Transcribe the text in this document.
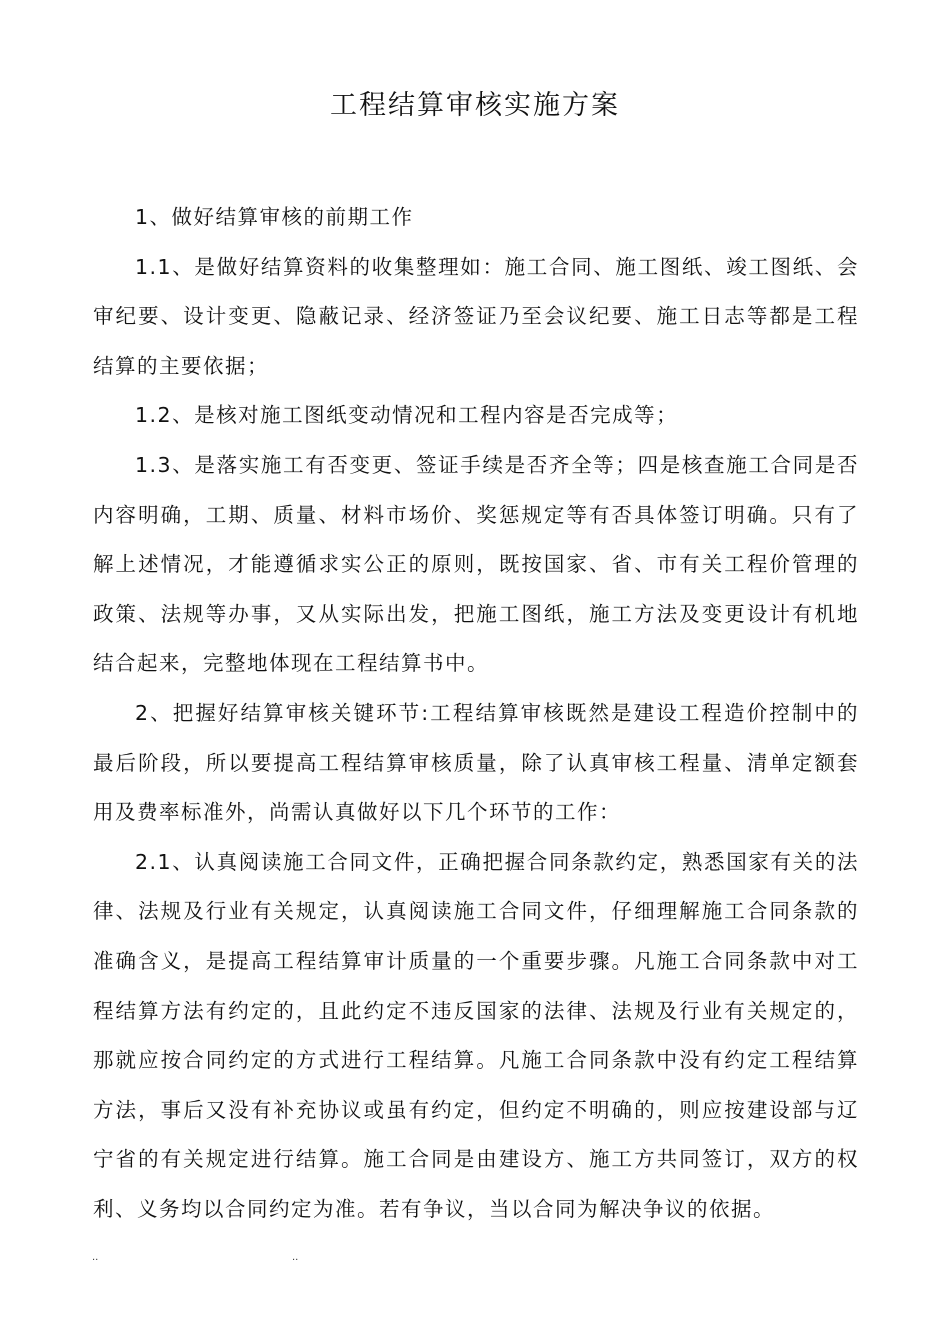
工程结算审核实施方案

1、做好结算审核的前期工作

1.1、是做好结算资料的收集整理如：施工合同、施工图纸、竣工图纸、会审纪要、设计变更、隐蔽记录、经济签证乃至会议纪要、施工日志等都是工程结算的主要依据；

1.2、是核对施工图纸变动情况和工程内容是否完成等；

1.3、是落实施工有否变更、签证手续是否齐全等；四是核查施工合同是否内容明确，工期、质量、材料市场价、奖惩规定等有否具体签订明确。只有了解上述情况，才能遵循求实公正的原则，既按国家、省、市有关工程价管理的政策、法规等办事，又从实际出发，把施工图纸，施工方法及变更设计有机地结合起来，完整地体现在工程结算书中。

2、把握好结算审核关键环节:工程结算审核既然是建设工程造价控制中的最后阶段，所以要提高工程结算审核质量，除了认真审核工程量、清单定额套用及费率标准外，尚需认真做好以下几个环节的工作：

2.1、认真阅读施工合同文件，正确把握合同条款约定，熟悉国家有关的法律、法规及行业有关规定，认真阅读施工合同文件，仔细理解施工合同条款的准确含义，是提高工程结算审计质量的一个重要步骤。凡施工合同条款中对工程结算方法有约定的，且此约定不违反国家的法律、法规及行业有关规定的，那就应按合同约定的方式进行工程结算。凡施工合同条款中没有约定工程结算方法，事后又没有补充协议或虽有约定，但约定不明确的，则应按建设部与辽宁省的有关规定进行结算。施工合同是由建设方、施工方共同签订，双方的权利、义务均以合同约定为准。若有争议，当以合同为解决争议的依据。

..	..
